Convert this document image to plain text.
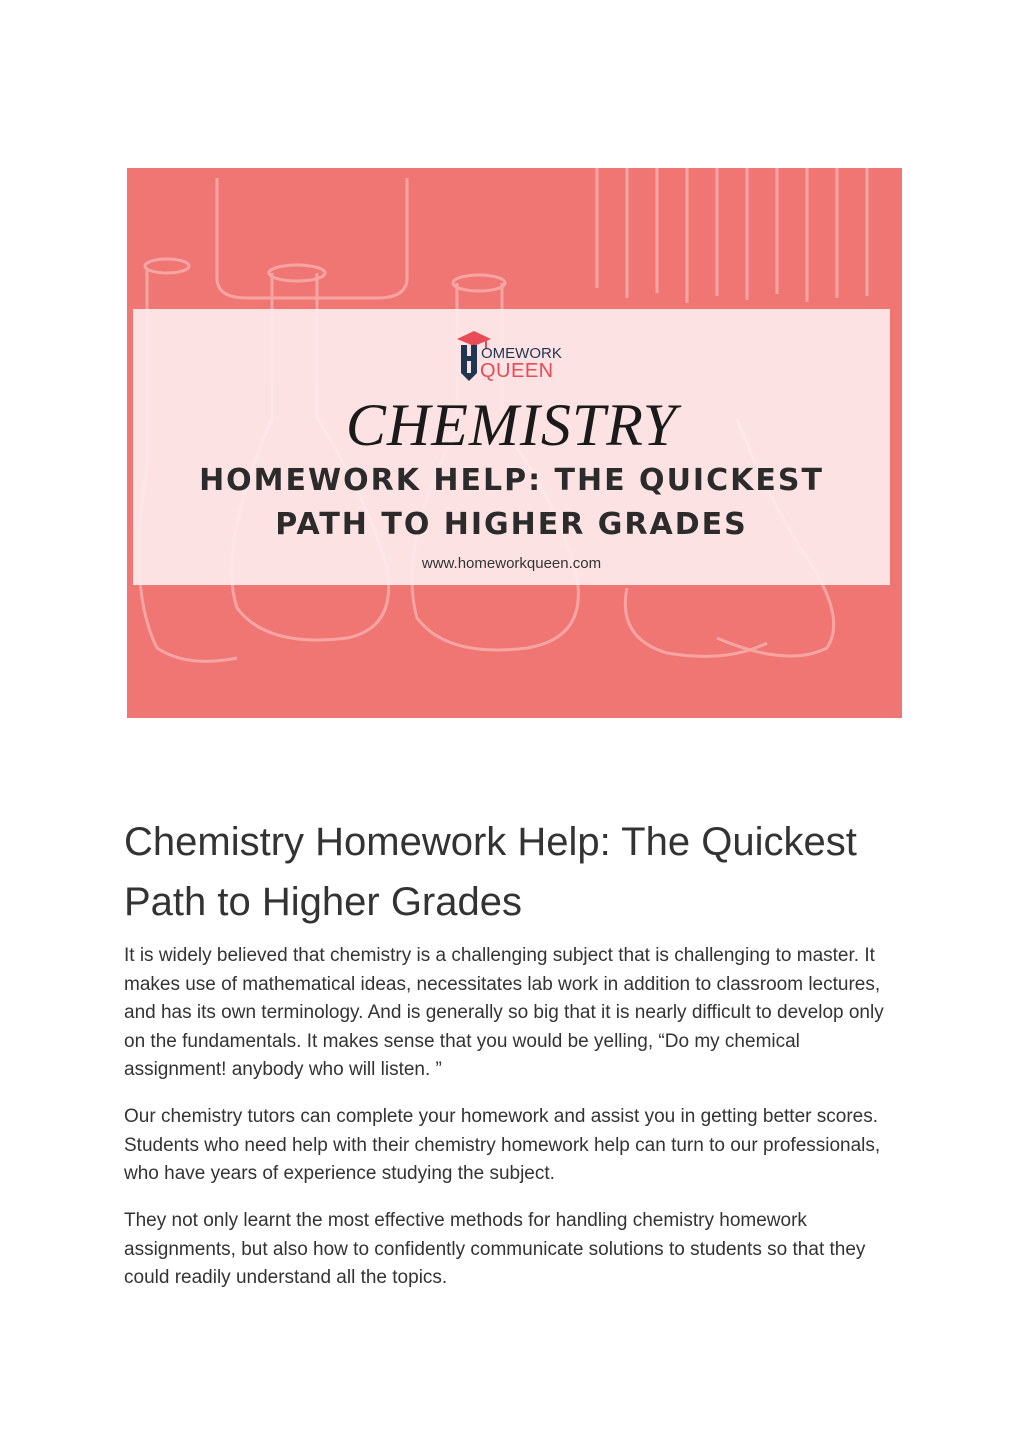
OMEWORK
QUEEN
CHEMISTRY
HOMEWORK HELP: THE QUICKEST
PATH TO HIGHER GRADES
www.homeworkqueen.com
Chemistry Homework Help: The Quickest
Path to Higher Grades

It is widely believed that chemistry is a challenging subject that is challenging to master. It makes use of mathematical ideas, necessitates lab work in addition to classroom lectures, and has its own terminology. And is generally so big that it is nearly difficult to develop only on the fundamentals. It makes sense that you would be yelling, “Do my chemical assignment! anybody who will listen. ”

Our chemistry tutors can complete your homework and assist you in getting better scores. Students who need help with their chemistry homework help can turn to our professionals, who have years of experience studying the subject.

They not only learnt the most effective methods for handling chemistry homework assignments, but also how to confidently communicate solutions to students so that they could readily understand all the topics.
